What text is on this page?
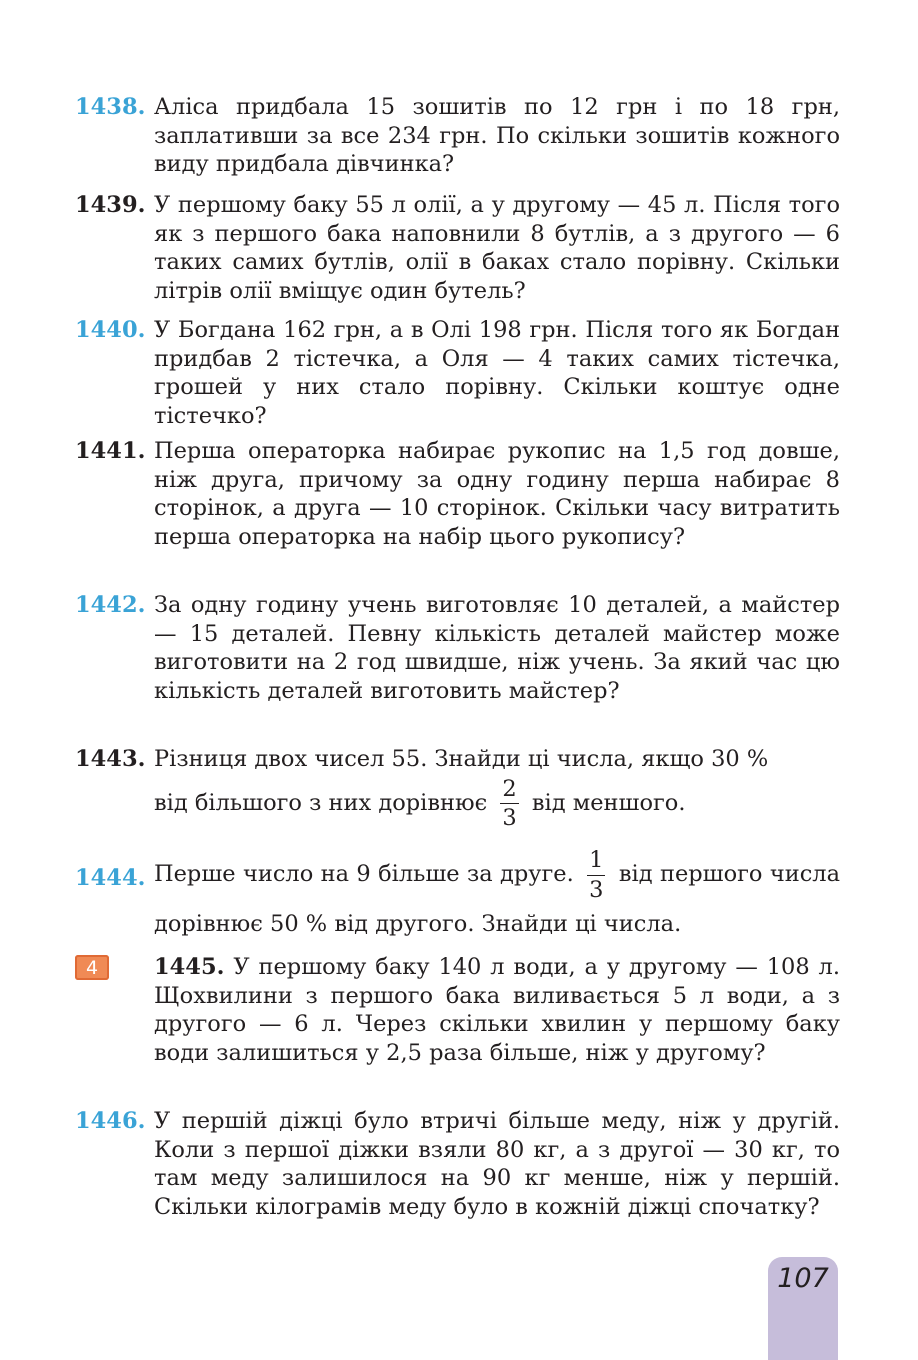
1438. Аліса придбала 15 зошитів по 12 грн і по 18 грн, заплативши за все 234 грн. По скільки зошитів кожного виду придбала дівчинка?
1439. У першому баку 55 л олії, а у другому — 45 л. Після того як з першого бака наповнили 8 бутлів, а з другого — 6 таких самих бутлів, олії в баках стало порівну. Скільки літрів олії вміщує один бутель?
1440. У Богдана 162 грн, а в Олі 198 грн. Після того як Богдан придбав 2 тістечка, а Оля — 4 таких самих тістечка, грошей у них стало порівну. Скільки коштує одне тістечко?
1441. Перша операторка набирає рукопис на 1,5 год довше, ніж друга, причому за одну годину перша набирає 8 сторінок, а друга — 10 сторінок. Скільки часу витратить перша операторка на набір цього рукопису?
1442. За одну годину учень виготовляє 10 деталей, а майстер — 15 деталей. Певну кількість деталей майстер може виготовити на 2 год швидше, ніж учень. За який час цю кількість деталей виготовить майстер?
1443. Різниця двох чисел 55. Знайди ці числа, якщо 30 %
від більшого з них дорівнює $\frac{2}{3}$ від меншого.
1444. Перше число на 9 більше за друге. $\frac{1}{3}$ від першого числа дорівнює 50 % від другого. Знайди ці числа.
4	1445. У першому баку 140 л води, а у другому — 108 л. Щохвилини з першого бака виливається 5 л води, а з другого — 6 л. Через скільки хвилин у першому баку води залишиться у 2,5 раза більше, ніж у другому?
1446. У першій діжці було втричі більше меду, ніж у другій. Коли з першої діжки взяли 80 кг, а з другої — 30 кг, то там меду залишилося на 90 кг менше, ніж у першій. Скільки кілограмів меду було в кожній діжці спочатку?
107
